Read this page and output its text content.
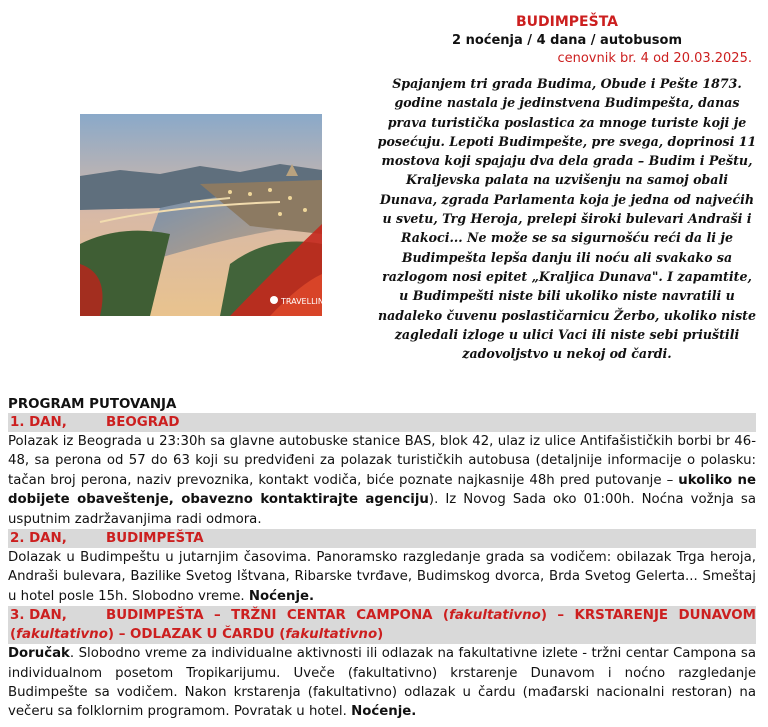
BUDIMPEŠTA
2 noćenja / 4 dana / autobusom
cenovnik br. 4 od 20.03.2025.

Spajanjem tri grada Budima, Obude i Pešte 1873. godine nastala je jedinstvena Budimpešta, danas prava turistička poslastica za mnoge turiste koji je posećuju. Lepoti Budimpešte, pre svega, doprinosi 11 mostova koji spajaju dva dela grada – Budim i Peštu, Kraljevska palata na uzvišenju na samoj obali Dunava, zgrada Parlamenta koja je jedna od najvećih u svetu, Trg Heroja, prelepi široki bulevari Andraši i Rakoci... Ne može se sa sigurnošću reći da li je Budimpešta lepša danju ili noću ali svakako sa razlogom nosi epitet „Kraljica Dunava". I zapamtite, u Budimpešti niste bili ukoliko niste navratili u nadaleko čuvenu poslastičarnicu Žerbo, ukoliko niste zagledali izloge u ulici Vaci ili niste sebi priuštili zadovoljstvo u nekoj od čardi.

TRAVELLINO

PROGRAM PUTOVANJA

1. DAN,	BEOGRAD

Polazak iz Beograda u 23:30h sa glavne autobuske stanice BAS, blok 42, ulaz iz ulice Antifašističkih borbi br 46-48, sa perona od 57 do 63 koji su predviđeni za polazak turističkih autobusa (detaljnije informacije o polasku: tačan broj perona, naziv prevoznika, kontakt vodiča, biće poznate najkasnije 48h pred putovanje – ukoliko ne dobijete obaveštenje, obavezno kontaktirajte agenciju). Iz Novog Sada oko 01:00h. Noćna vožnja sa usputnim zadržavanjima radi odmora.

2. DAN,	BUDIMPEŠTA

Dolazak u Budimpeštu u jutarnjim časovima. Panoramsko razgledanje grada sa vodičem: obilazak Trga heroja, Andraši bulevara, Bazilike Svetog Ištvana, Ribarske tvrđave, Budimskog dvorca, Brda Svetog Gelerta... Smeštaj u hotel posle 15h. Slobodno vreme. Noćenje.

3. DAN,	BUDIMPEŠTA – TRŽNI CENTAR CAMPONA (fakultativno) – KRSTARENJE DUNAVOM (fakultativno) – ODLAZAK U ČARDU (fakultativno)

Doručak. Slobodno vreme za individualne aktivnosti ili odlazak na fakultativne izlete - tržni centar Campona sa individualnom posetom Tropikarijumu. Uveče (fakultativno) krstarenje Dunavom i noćno razgledanje Budimpešte sa vodičem. Nakon krstarenja (fakultativno) odlazak u čardu (mađarski nacionalni restoran) na večeru sa folklornim programom. Povratak u hotel. Noćenje.
